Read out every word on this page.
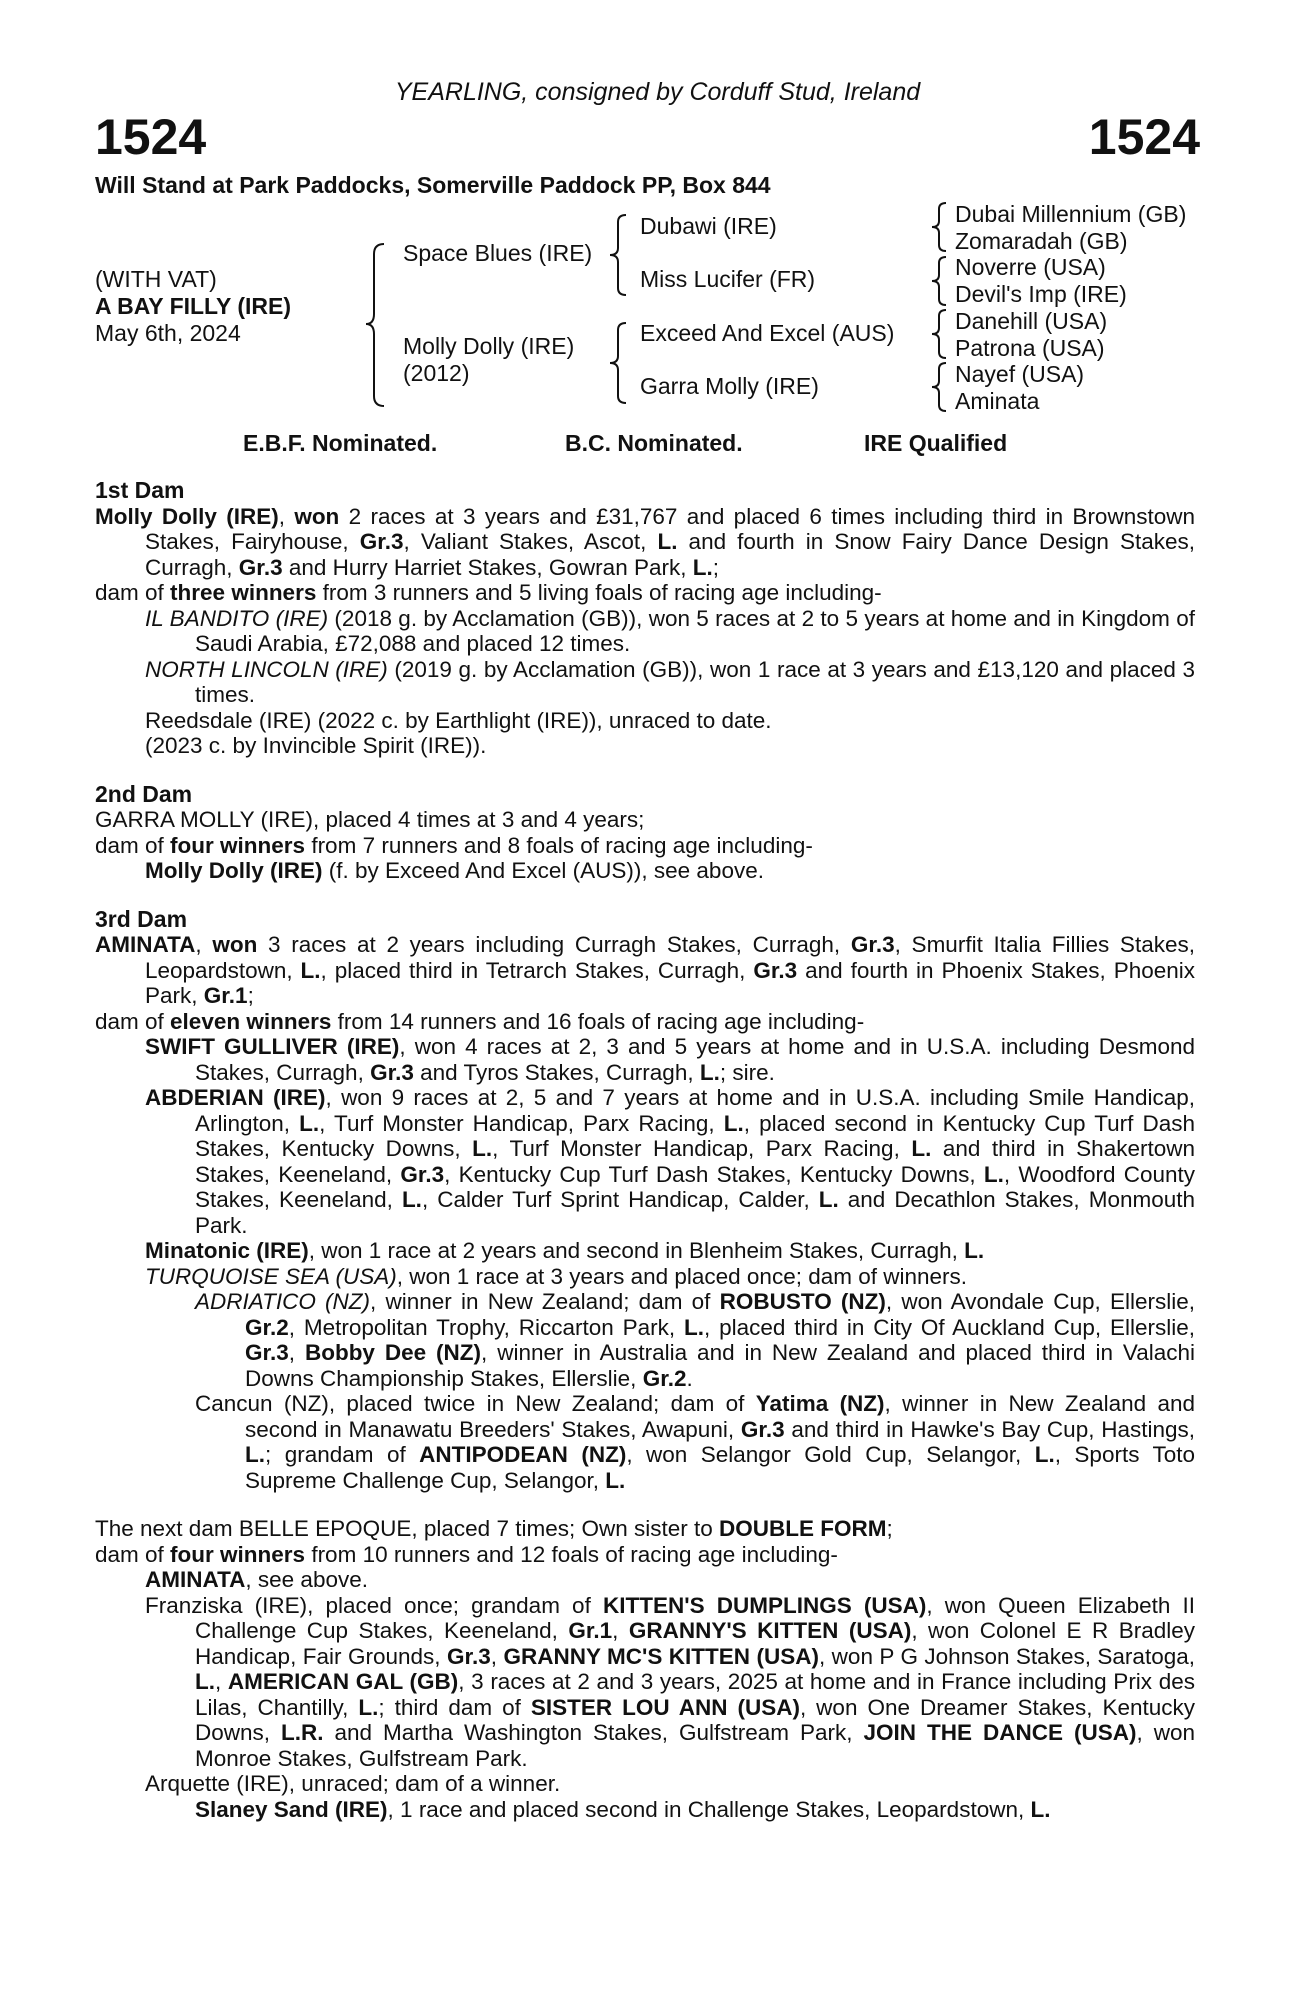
YEARLING, consigned by Corduff Stud, Ireland
1524	1524
Will Stand at Park Paddocks, Somerville Paddock PP, Box 844
(WITH VAT)
A BAY FILLY (IRE)
May 6th, 2024
Space Blues (IRE)
Molly Dolly (IRE)
(2012)
Dubawi (IRE)
Miss Lucifer (FR)
Exceed And Excel (AUS)
Garra Molly (IRE)
Dubai Millennium (GB)
Zomaradah (GB)
Noverre (USA)
Devil's Imp (IRE)
Danehill (USA)
Patrona (USA)
Nayef (USA)
Aminata
E.B.F. Nominated.	B.C. Nominated.	IRE Qualified
1st Dam
Molly Dolly (IRE), won 2 races at 3 years and £31,767 and placed 6 times including third in Brownstown Stakes, Fairyhouse, Gr.3, Valiant Stakes, Ascot, L. and fourth in Snow Fairy Dance Design Stakes, Curragh, Gr.3 and Hurry Harriet Stakes, Gowran Park, L.;
dam of three winners from 3 runners and 5 living foals of racing age including-
IL BANDITO (IRE) (2018 g. by Acclamation (GB)), won 5 races at 2 to 5 years at home and in Kingdom of Saudi Arabia, £72,088 and placed 12 times.
NORTH LINCOLN (IRE) (2019 g. by Acclamation (GB)), won 1 race at 3 years and £13,120 and placed 3 times.
Reedsdale (IRE) (2022 c. by Earthlight (IRE)), unraced to date.
(2023 c. by Invincible Spirit (IRE)).
2nd Dam
GARRA MOLLY (IRE), placed 4 times at 3 and 4 years;
dam of four winners from 7 runners and 8 foals of racing age including-
Molly Dolly (IRE) (f. by Exceed And Excel (AUS)), see above.
3rd Dam
AMINATA, won 3 races at 2 years including Curragh Stakes, Curragh, Gr.3, Smurfit Italia Fillies Stakes, Leopardstown, L., placed third in Tetrarch Stakes, Curragh, Gr.3 and fourth in Phoenix Stakes, Phoenix Park, Gr.1;
dam of eleven winners from 14 runners and 16 foals of racing age including-
SWIFT GULLIVER (IRE), won 4 races at 2, 3 and 5 years at home and in U.S.A. including Desmond Stakes, Curragh, Gr.3 and Tyros Stakes, Curragh, L.; sire.
ABDERIAN (IRE), won 9 races at 2, 5 and 7 years at home and in U.S.A. including Smile Handicap, Arlington, L., Turf Monster Handicap, Parx Racing, L., placed second in Kentucky Cup Turf Dash Stakes, Kentucky Downs, L., Turf Monster Handicap, Parx Racing, L. and third in Shakertown Stakes, Keeneland, Gr.3, Kentucky Cup Turf Dash Stakes, Kentucky Downs, L., Woodford County Stakes, Keeneland, L., Calder Turf Sprint Handicap, Calder, L. and Decathlon Stakes, Monmouth Park.
Minatonic (IRE), won 1 race at 2 years and second in Blenheim Stakes, Curragh, L.
TURQUOISE SEA (USA), won 1 race at 3 years and placed once; dam of winners.
ADRIATICO (NZ), winner in New Zealand; dam of ROBUSTO (NZ), won Avondale Cup, Ellerslie, Gr.2, Metropolitan Trophy, Riccarton Park, L., placed third in City Of Auckland Cup, Ellerslie, Gr.3, Bobby Dee (NZ), winner in Australia and in New Zealand and placed third in Valachi Downs Championship Stakes, Ellerslie, Gr.2.
Cancun (NZ), placed twice in New Zealand; dam of Yatima (NZ), winner in New Zealand and second in Manawatu Breeders' Stakes, Awapuni, Gr.3 and third in Hawke's Bay Cup, Hastings, L.; grandam of ANTIPODEAN (NZ), won Selangor Gold Cup, Selangor, L., Sports Toto Supreme Challenge Cup, Selangor, L.
The next dam BELLE EPOQUE, placed 7 times; Own sister to DOUBLE FORM;
dam of four winners from 10 runners and 12 foals of racing age including-
AMINATA, see above.
Franziska (IRE), placed once; grandam of KITTEN'S DUMPLINGS (USA), won Queen Elizabeth II Challenge Cup Stakes, Keeneland, Gr.1, GRANNY'S KITTEN (USA), won Colonel E R Bradley Handicap, Fair Grounds, Gr.3, GRANNY MC'S KITTEN (USA), won P G Johnson Stakes, Saratoga, L., AMERICAN GAL (GB), 3 races at 2 and 3 years, 2025 at home and in France including Prix des Lilas, Chantilly, L.; third dam of SISTER LOU ANN (USA), won One Dreamer Stakes, Kentucky Downs, L.R. and Martha Washington Stakes, Gulfstream Park, JOIN THE DANCE (USA), won Monroe Stakes, Gulfstream Park.
Arquette (IRE), unraced; dam of a winner.
Slaney Sand (IRE), 1 race and placed second in Challenge Stakes, Leopardstown, L.
